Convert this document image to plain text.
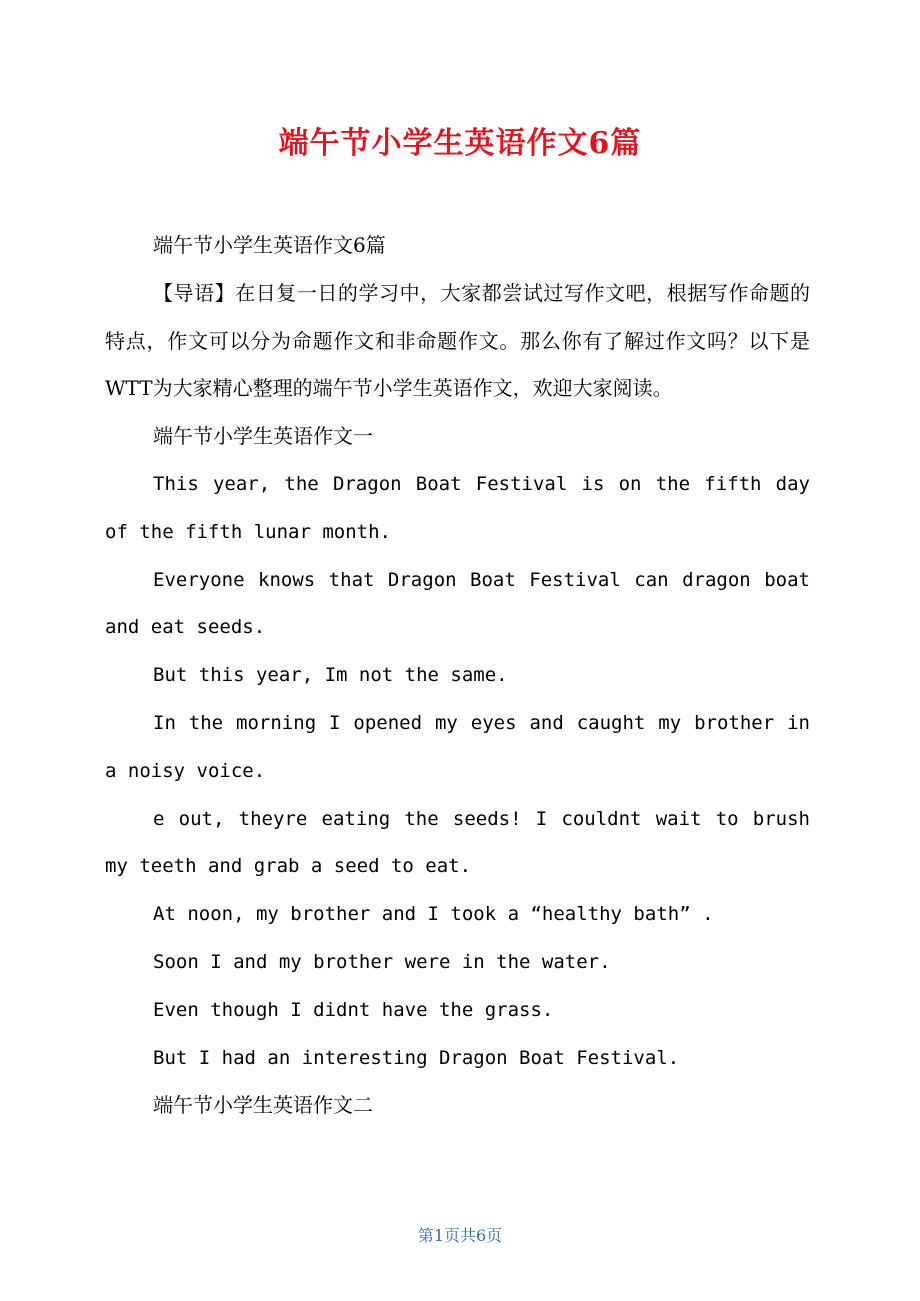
端午节小学生英语作文6篇

端午节小学生英语作文6篇

【导语】在日复一日的学习中，大家都尝试过写作文吧，根据写作命题的特点，作文可以分为命题作文和非命题作文。那么你有了解过作文吗？以下是WTT为大家精心整理的端午节小学生英语作文，欢迎大家阅读。

端午节小学生英语作文一

This year, the Dragon Boat Festival is on the fifth day of the fifth lunar month.

Everyone knows that Dragon Boat Festival can dragon boat and eat seeds.

But this year, Im not the same.

In the morning I opened my eyes and caught my brother in a noisy voice.

e out, theyre eating the seeds! I couldnt wait to brush my teeth and grab a seed to eat.

At noon, my brother and I took a “healthy bath” .

Soon I and my brother were in the water.

Even though I didnt have the grass.

But I had an interesting Dragon Boat Festival.

端午节小学生英语作文二

第1页共6页
